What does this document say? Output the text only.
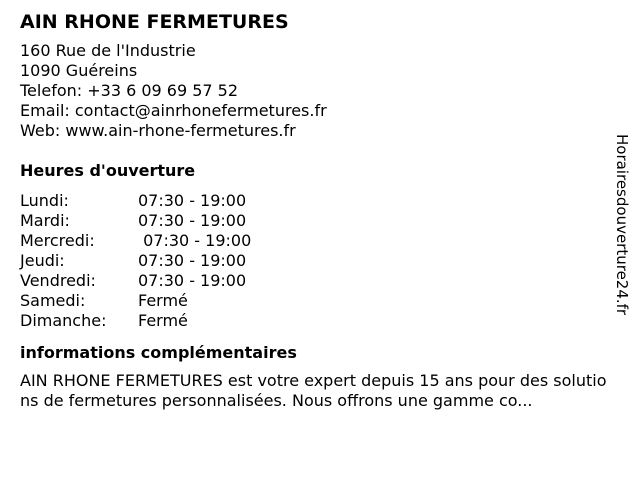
AIN RHONE FERMETURES
160 Rue de l'Industrie
1090 Guéreins
Telefon: +33 6 09 69 57 52
Email: contact@ainrhonefermetures.fr
Web: www.ain-rhone-fermetures.fr
Heures d'ouverture
Lundi:	07:30 - 19:00
Mardi:	07:30 - 19:00
Mercredi:	07:30 - 19:00
Jeudi:	07:30 - 19:00
Vendredi:	07:30 - 19:00
Samedi:	Fermé
Dimanche:	Fermé
informations complémentaires
AIN RHONE FERMETURES est votre expert depuis 15 ans pour des solutions de fermetures personnalisées. Nous offrons une gamme co...
Horairesdouverture24.fr
